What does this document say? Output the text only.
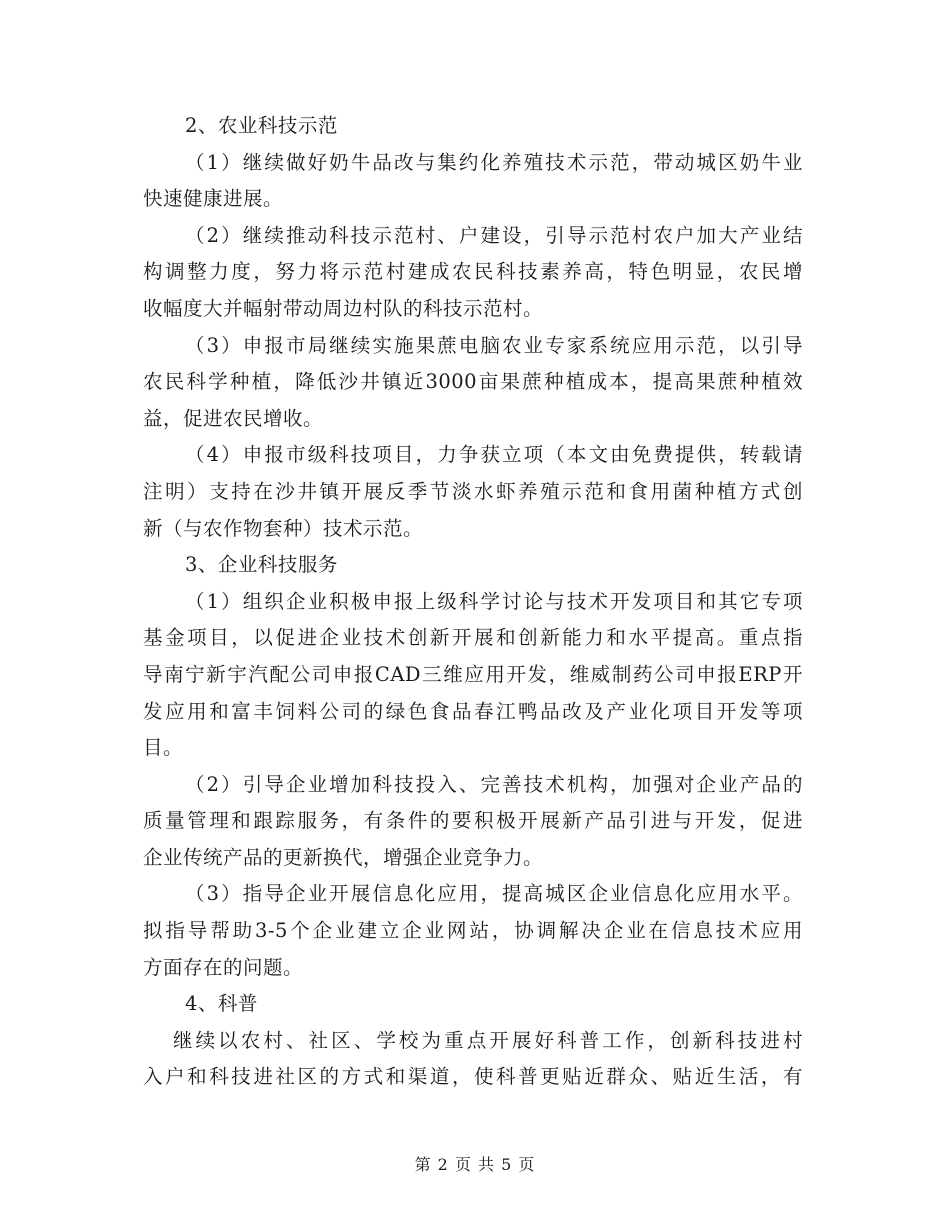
2、农业科技示范
（1）继续做好奶牛品改与集约化养殖技术示范，带动城区奶牛业
快速健康进展。
（2）继续推动科技示范村、户建设，引导示范村农户加大产业结
构调整力度，努力将示范村建成农民科技素养高，特色明显，农民增
收幅度大并幅射带动周边村队的科技示范村。
（3）申报市局继续实施果蔗电脑农业专家系统应用示范，以引导
农民科学种植，降低沙井镇近3000亩果蔗种植成本，提高果蔗种植效
益，促进农民增收。
（4）申报市级科技项目，力争获立项（本文由免费提供，转载请
注明）支持在沙井镇开展反季节淡水虾养殖示范和食用菌种植方式创
新（与农作物套种）技术示范。
3、企业科技服务
（1）组织企业积极申报上级科学讨论与技术开发项目和其它专项
基金项目，以促进企业技术创新开展和创新能力和水平提高。重点指
导南宁新宇汽配公司申报CAD三维应用开发，维威制药公司申报ERP开
发应用和富丰饲料公司的绿色食品春江鸭品改及产业化项目开发等项
目。
（2）引导企业增加科技投入、完善技术机构，加强对企业产品的
质量管理和跟踪服务，有条件的要积极开展新产品引进与开发，促进
企业传统产品的更新换代，增强企业竞争力。
（3）指导企业开展信息化应用，提高城区企业信息化应用水平。
拟指导帮助3-5个企业建立企业网站，协调解决企业在信息技术应用
方面存在的问题。
4、科普
继续以农村、社区、学校为重点开展好科普工作，创新科技进村
入户和科技进社区的方式和渠道，使科普更贴近群众、贴近生活，有
第 2 页 共 5 页
